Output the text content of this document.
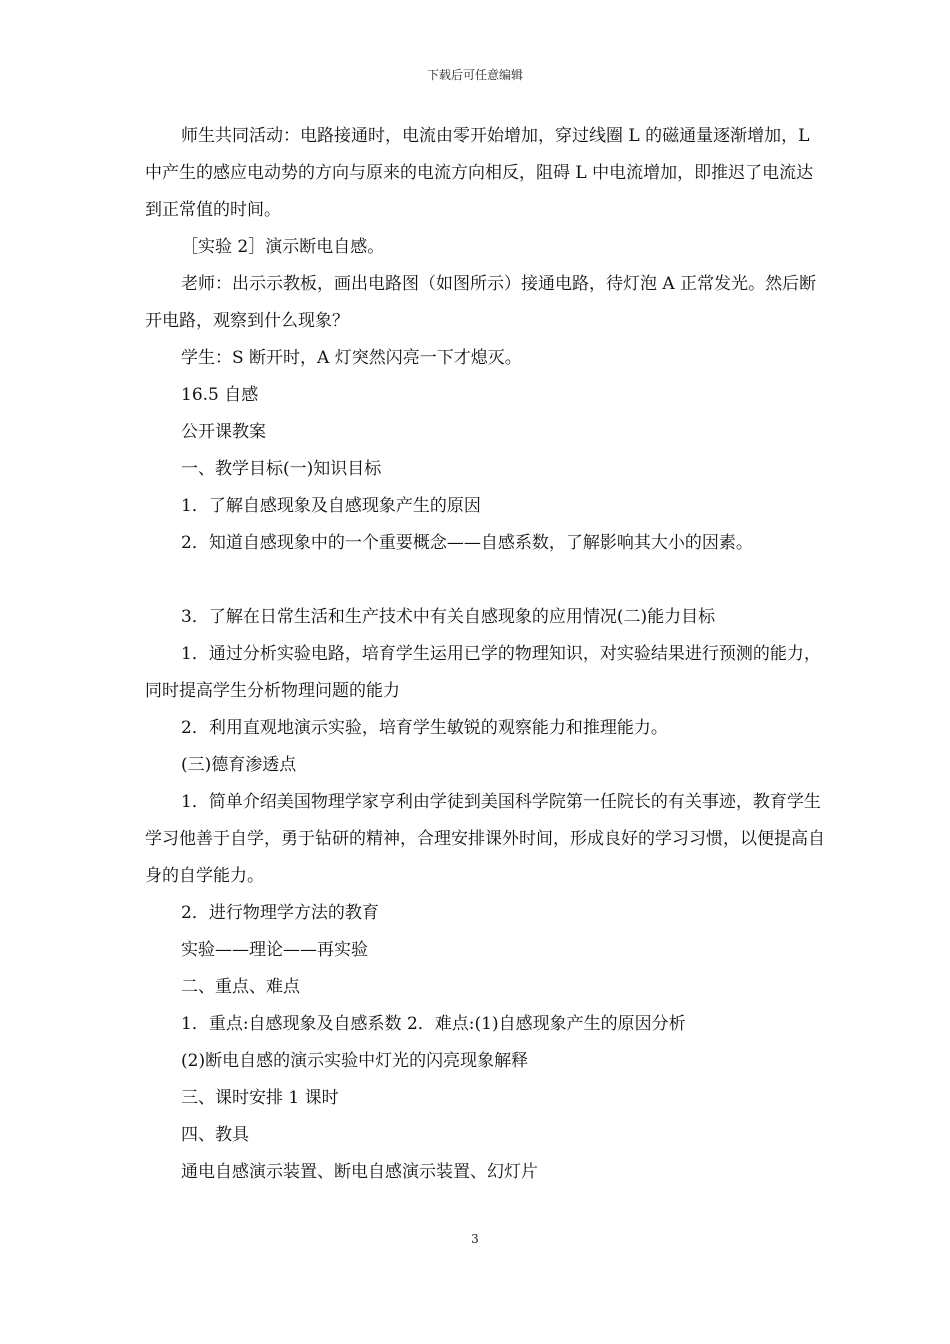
下载后可任意编辑

师生共同活动：电路接通时，电流由零开始增加，穿过线圈 L 的磁通量逐渐增加，L 中产生的感应电动势的方向与原来的电流方向相反，阻碍 L 中电流增加，即推迟了电流达到正常值的时间。

［实验 2］演示断电自感。

老师：出示示教板，画出电路图（如图所示）接通电路，待灯泡 A 正常发光。然后断开电路，观察到什么现象？

学生：S 断开时，A 灯突然闪亮一下才熄灭。

16.5 自感

公开课教案

一、教学目标(一)知识目标

1．了解自感现象及自感现象产生的原因

2．知道自感现象中的一个重要概念——自感系数，了解影响其大小的因素。

3．了解在日常生活和生产技术中有关自感现象的应用情况(二)能力目标

1．通过分析实验电路，培育学生运用已学的物理知识，对实验结果进行预测的能力，同时提高学生分析物理问题的能力

2．利用直观地演示实验，培育学生敏锐的观察能力和推理能力。

(三)德育渗透点

1．简单介绍美国物理学家亨利由学徒到美国科学院第一任院长的有关事迹，教育学生学习他善于自学，勇于钻研的精神，合理安排课外时间，形成良好的学习习惯，以便提高自身的自学能力。

2．进行物理学方法的教育

实验——理论——再实验

二、重点、难点

1．重点:自感现象及自感系数 2．难点:(1)自感现象产生的原因分析

(2)断电自感的演示实验中灯光的闪亮现象解释

三、课时安排 1 课时

四、教具

通电自感演示装置、断电自感演示装置、幻灯片

3
